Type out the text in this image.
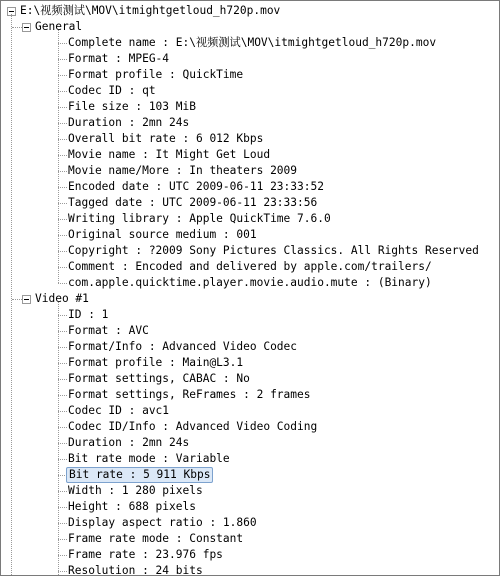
E:\视频测试\MOV\itmightgetloud_h720p.mov
General
Complete name : E:\视频测试\MOV\itmightgetloud_h720p.mov
Format : MPEG-4
Format profile : QuickTime
Codec ID : qt
File size : 103 MiB
Duration : 2mn 24s
Overall bit rate : 6 012 Kbps
Movie name : It Might Get Loud
Movie name/More : In theaters 2009
Encoded date : UTC 2009-06-11 23:33:52
Tagged date : UTC 2009-06-11 23:33:56
Writing library : Apple QuickTime 7.6.0
Original source medium : 001
Copyright : ?2009 Sony Pictures Classics. All Rights Reserved
Comment : Encoded and delivered by apple.com/trailers/
com.apple.quicktime.player.movie.audio.mute : (Binary)
Video #1
ID : 1
Format : AVC
Format/Info : Advanced Video Codec
Format profile : Main@L3.1
Format settings, CABAC : No
Format settings, ReFrames : 2 frames
Codec ID : avc1
Codec ID/Info : Advanced Video Coding
Duration : 2mn 24s
Bit rate mode : Variable
Bit rate : 5 911 Kbps
Width : 1 280 pixels
Height : 688 pixels
Display aspect ratio : 1.860
Frame rate mode : Constant
Frame rate : 23.976 fps
Resolution : 24 bits
